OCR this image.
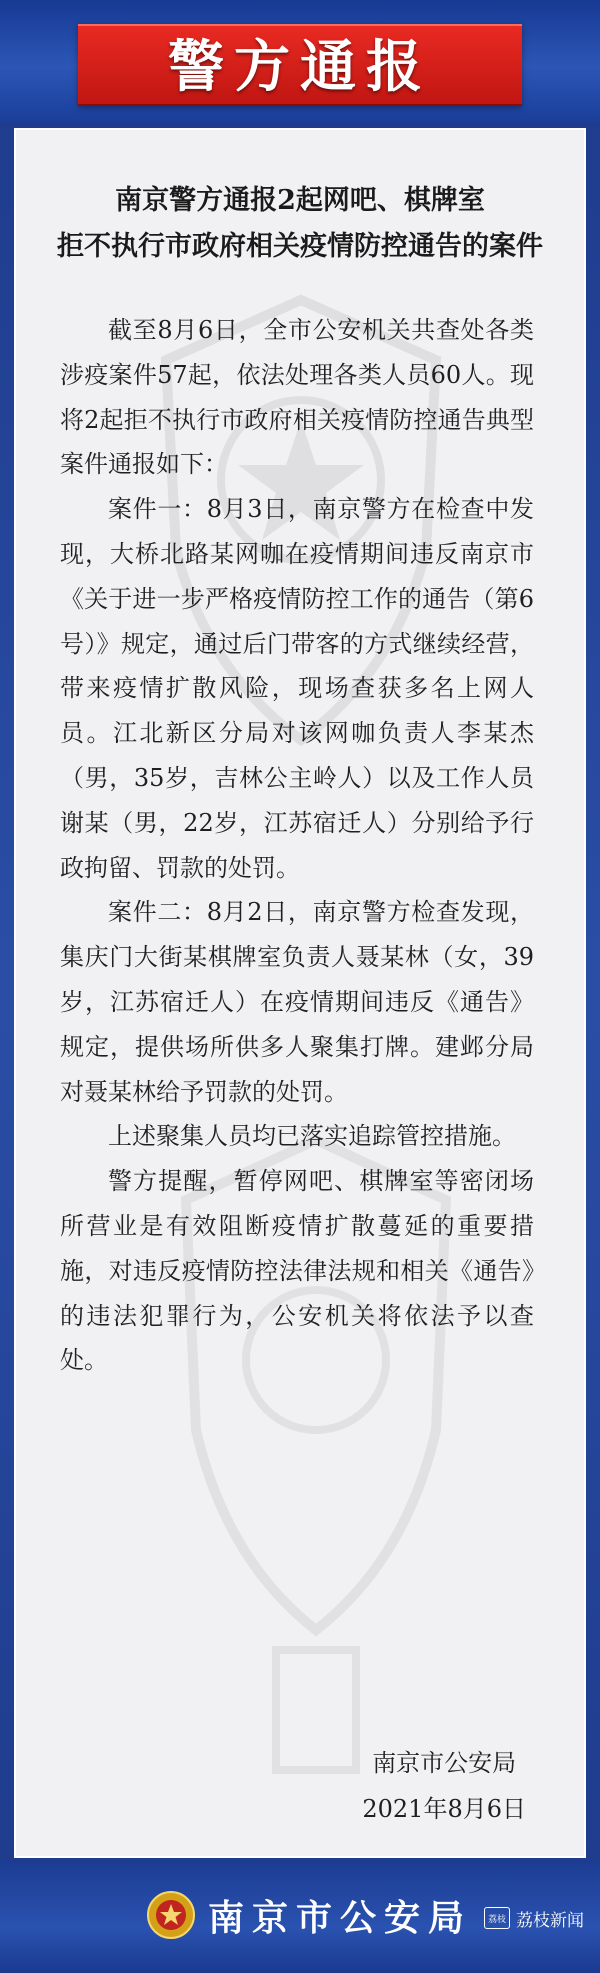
警方通报
南京警方通报2起网吧、棋牌室
拒不执行市政府相关疫情防控通告的案件

截至8月6日，全市公安机关共查处各类涉疫案件57起，依法处理各类人员60人。现将2起拒不执行市政府相关疫情防控通告典型案件通报如下：

案件一：8月3日，南京警方在检查中发现，大桥北路某网咖在疫情期间违反南京市《关于进一步严格疫情防控工作的通告（第6号）》规定，通过后门带客的方式继续经营，带来疫情扩散风险，现场查获多名上网人员。江北新区分局对该网咖负责人李某杰（男，35岁，吉林公主岭人）以及工作人员谢某（男，22岁，江苏宿迁人）分别给予行政拘留、罚款的处罚。

案件二：8月2日，南京警方检查发现，集庆门大街某棋牌室负责人聂某林（女，39岁，江苏宿迁人）在疫情期间违反《通告》规定，提供场所供多人聚集打牌。建邺分局对聂某林给予罚款的处罚。

上述聚集人员均已落实追踪管控措施。

警方提醒，暂停网吧、棋牌室等密闭场所营业是有效阻断疫情扩散蔓延的重要措施，对违反疫情防控法律法规和相关《通告》的违法犯罪行为，公安机关将依法予以查处。

南京市公安局
2021年8月6日
南京市公安局	荔枝 荔枝新闻
